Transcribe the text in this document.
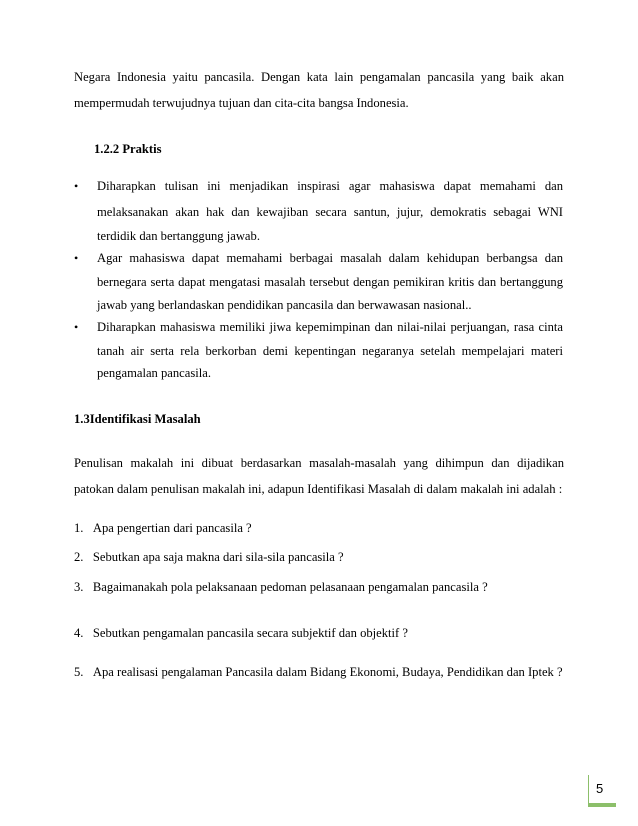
Negara Indonesia yaitu pancasila. Dengan kata lain pengamalan pancasila yang baik akan
mempermudah terwujudnya tujuan dan cita-cita bangsa Indonesia.
1.2.2 Praktis
• Diharapkan tulisan ini menjadikan inspirasi agar mahasiswa dapat memahami dan
melaksanakan akan hak dan kewajiban secara santun, jujur, demokratis sebagai WNI
terdidik dan bertanggung jawab.
• Agar mahasiswa dapat memahami berbagai masalah dalam kehidupan berbangsa dan
bernegara serta dapat mengatasi masalah tersebut dengan pemikiran kritis dan bertanggung
jawab yang berlandaskan pendidikan pancasila dan berwawasan nasional..
• Diharapkan mahasiswa memiliki jiwa kepemimpinan dan nilai-nilai perjuangan, rasa cinta
tanah air serta rela berkorban demi kepentingan negaranya setelah mempelajari materi
pengamalan pancasila.
1.3Identifikasi Masalah
Penulisan makalah ini dibuat berdasarkan masalah-masalah yang dihimpun dan dijadikan
patokan dalam penulisan makalah ini, adapun Identifikasi Masalah di dalam makalah ini adalah :
1. Apa pengertian dari pancasila ?
2. Sebutkan apa saja makna dari sila-sila pancasila ?
3. Bagaimanakah pola pelaksanaan pedoman pelasanaan pengamalan pancasila ?
4. Sebutkan pengamalan pancasila secara subjektif dan objektif ?
5. Apa realisasi pengalaman Pancasila dalam Bidang Ekonomi, Budaya, Pendidikan dan Iptek ?
5
